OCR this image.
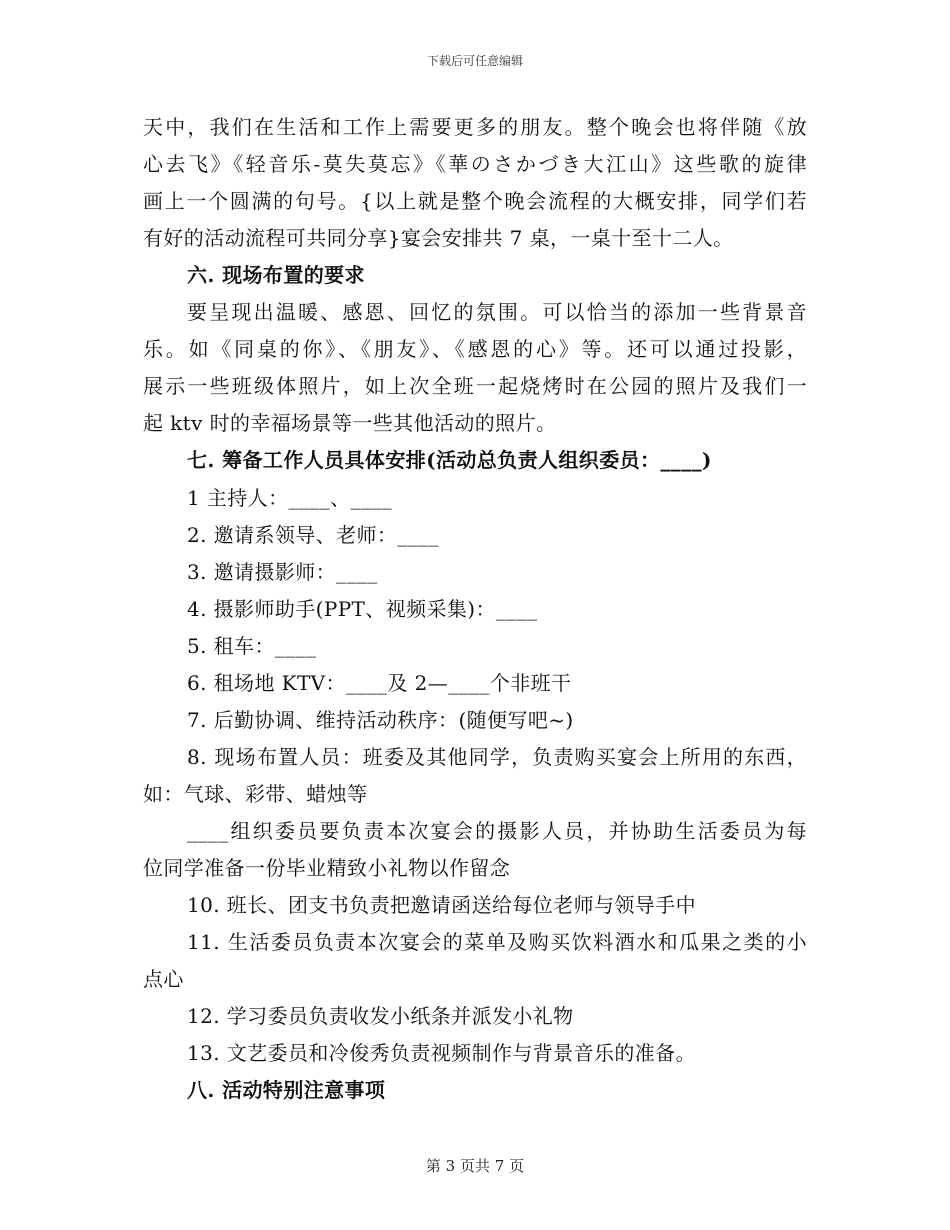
下载后可任意编辑
天中，我们在生活和工作上需要更多的朋友。整个晚会也将伴随《放
心去飞》《轻音乐-莫失莫忘》《華のさかづき大江山》这些歌的旋律
画上一个圆满的句号。{以上就是整个晚会流程的大概安排，同学们若
有好的活动流程可共同分享}宴会安排共 7 桌，一桌十至十二人。
六. 现场布置的要求
要呈现出温暖、感恩、回忆的氛围。可以恰当的添加一些背景音
乐。如《同桌的你》、《朋友》、《感恩的心》等。还可以通过投影，
展示一些班级体照片，如上次全班一起烧烤时在公园的照片及我们一
起 ktv 时的幸福场景等一些其他活动的照片。
七. 筹备工作人员具体安排(活动总负责人组织委员：____)
1 主持人：____、____
2. 邀请系领导、老师：____
3. 邀请摄影师：____
4. 摄影师助手(PPT、视频采集)：____
5. 租车：____
6. 租场地 KTV：____及 2—____个非班干
7. 后勤协调、维持活动秩序：(随便写吧~)
8. 现场布置人员：班委及其他同学，负责购买宴会上所用的东西，
如：气球、彩带、蜡烛等
____组织委员要负责本次宴会的摄影人员，并协助生活委员为每
位同学准备一份毕业精致小礼物以作留念
10. 班长、团支书负责把邀请函送给每位老师与领导手中
11. 生活委员负责本次宴会的菜单及购买饮料酒水和瓜果之类的小
点心
12. 学习委员负责收发小纸条并派发小礼物
13. 文艺委员和冷俊秀负责视频制作与背景音乐的准备。
八. 活动特别注意事项
第 3 页共 7 页
